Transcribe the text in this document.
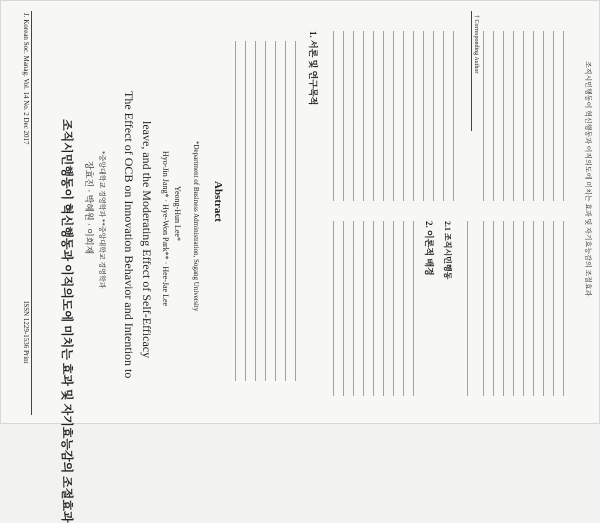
J. Korean Soc. Manag. Vol. 14 No. 2 Dec 2017
ISSN 1229-1536 Print
조직시민행동이 혁신행동과 이직의도에 미치는 효과 및 자기효능감의 조절효과
조직시민행동이 혁신행동과 이직의도에 미치는 효과 및 자기효능감의 조절효과 장효진 · 박혜원 · 이희재 *중앙대학교 경영학과 **중앙대학교 경영학과 The Effect of OCB on Innovation Behavior and Intention to leave, and the Moderating Effect of Self-Efficacy Hyo-Jin Jang* · Hye-Won Park** · Hee-Jae Lee Yeong-Hun Lee* *Department of Business Administration, Sogang University Abstract
1. 서론 및 연구목적
2. 이론적 배경 2.1 조직시민행동
† Corresponding Author
